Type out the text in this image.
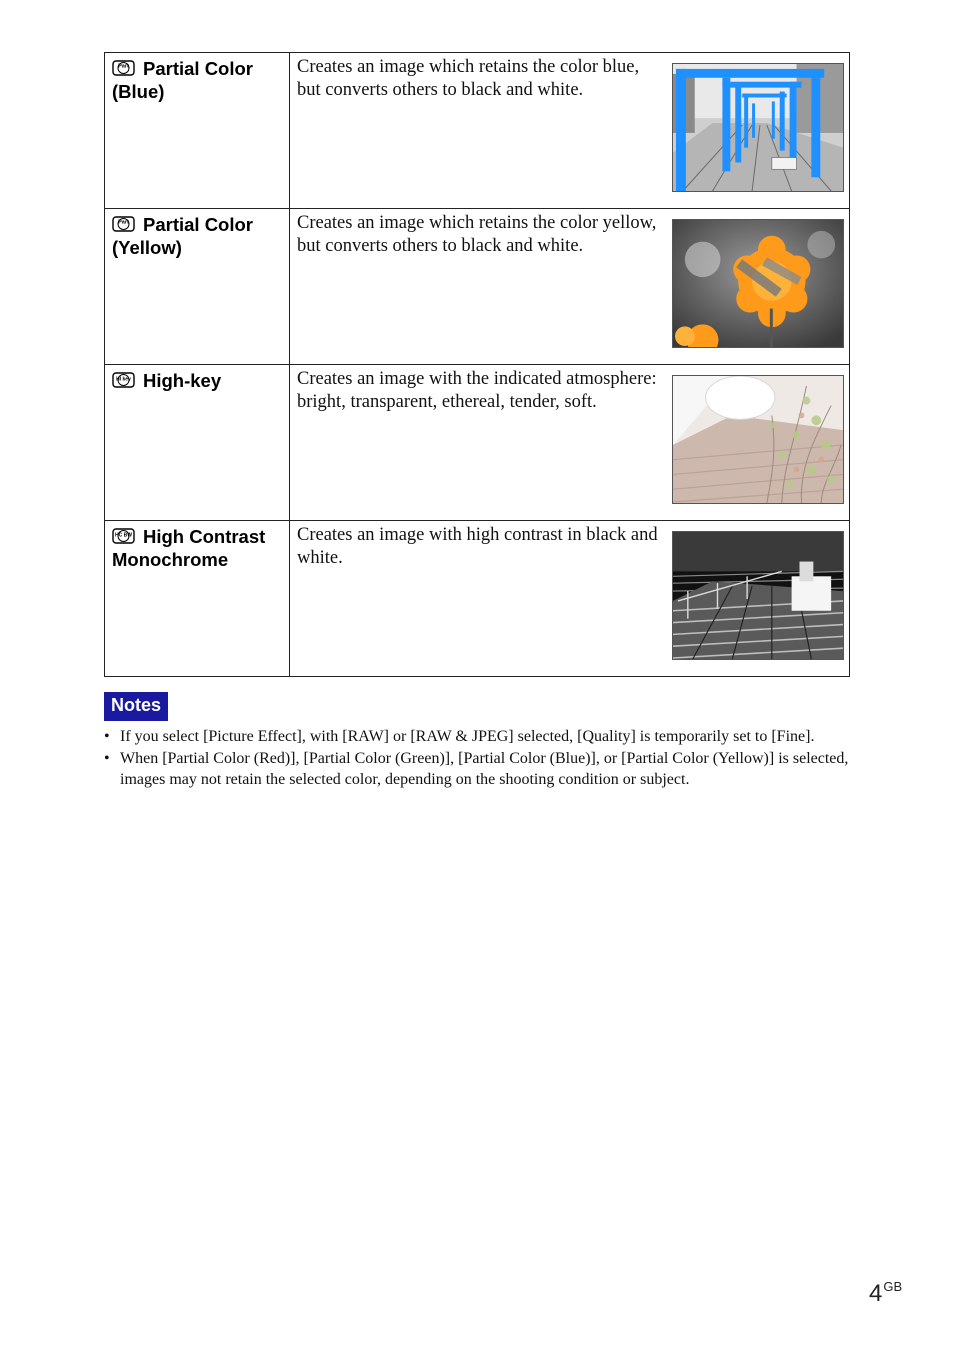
Part Partial Color (Blue)	Creates an image which retains the color blue, but converts others to black and white.

Part Partial Color (Yellow)	Creates an image which retains the color yellow, but converts others to black and white.

HI key High-key	Creates an image with the indicated atmosphere: bright, transparent, ethereal, tender, soft.

HC BW High Contrast Monochrome	Creates an image with high contrast in black and white.
Notes
• If you select [Picture Effect], with [RAW] or [RAW & JPEG] selected, [Quality] is temporarily set to [Fine].
• When [Partial Color (Red)], [Partial Color (Green)], [Partial Color (Blue)], or [Partial Color (Yellow)] is selected, images may not retain the selected color, depending on the shooting condition or subject.
$4^{GB}$
